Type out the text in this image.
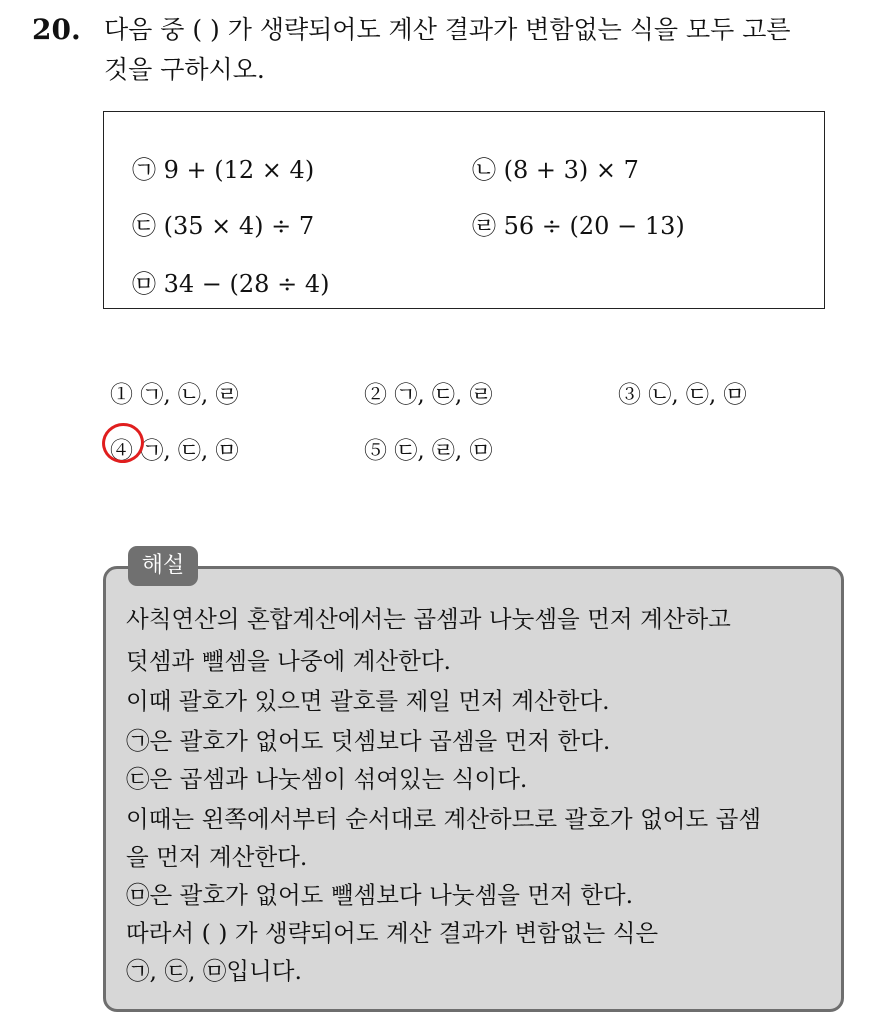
20. 다음 중 ( ) 가 생략되어도 계산 결과가 변함없는 식을 모두 고른
것을 구하시오.
㉠ 9 + (12 × 4)	㉡ (8 + 3) × 7
㉢ (35 × 4) ÷ 7	㉣ 56 ÷ (20 − 13)
㉤ 34 − (28 ÷ 4)
① ㉠, ㉡, ㉣	② ㉠, ㉢, ㉣	③ ㉡, ㉢, ㉤
④ ㉠, ㉢, ㉤	⑤ ㉢, ㉣, ㉤
해설
사칙연산의 혼합계산에서는 곱셈과 나눗셈을 먼저 계산하고
덧셈과 뺄셈을 나중에 계산한다.
이때 괄호가 있으면 괄호를 제일 먼저 계산한다.
㉠은 괄호가 없어도 덧셈보다 곱셈을 먼저 한다.
㉢은 곱셈과 나눗셈이 섞여있는 식이다.
이때는 왼쪽에서부터 순서대로 계산하므로 괄호가 없어도 곱셈
을 먼저 계산한다.
㉤은 괄호가 없어도 뺄셈보다 나눗셈을 먼저 한다.
따라서 ( ) 가 생략되어도 계산 결과가 변함없는 식은
㉠, ㉢, ㉤입니다.
